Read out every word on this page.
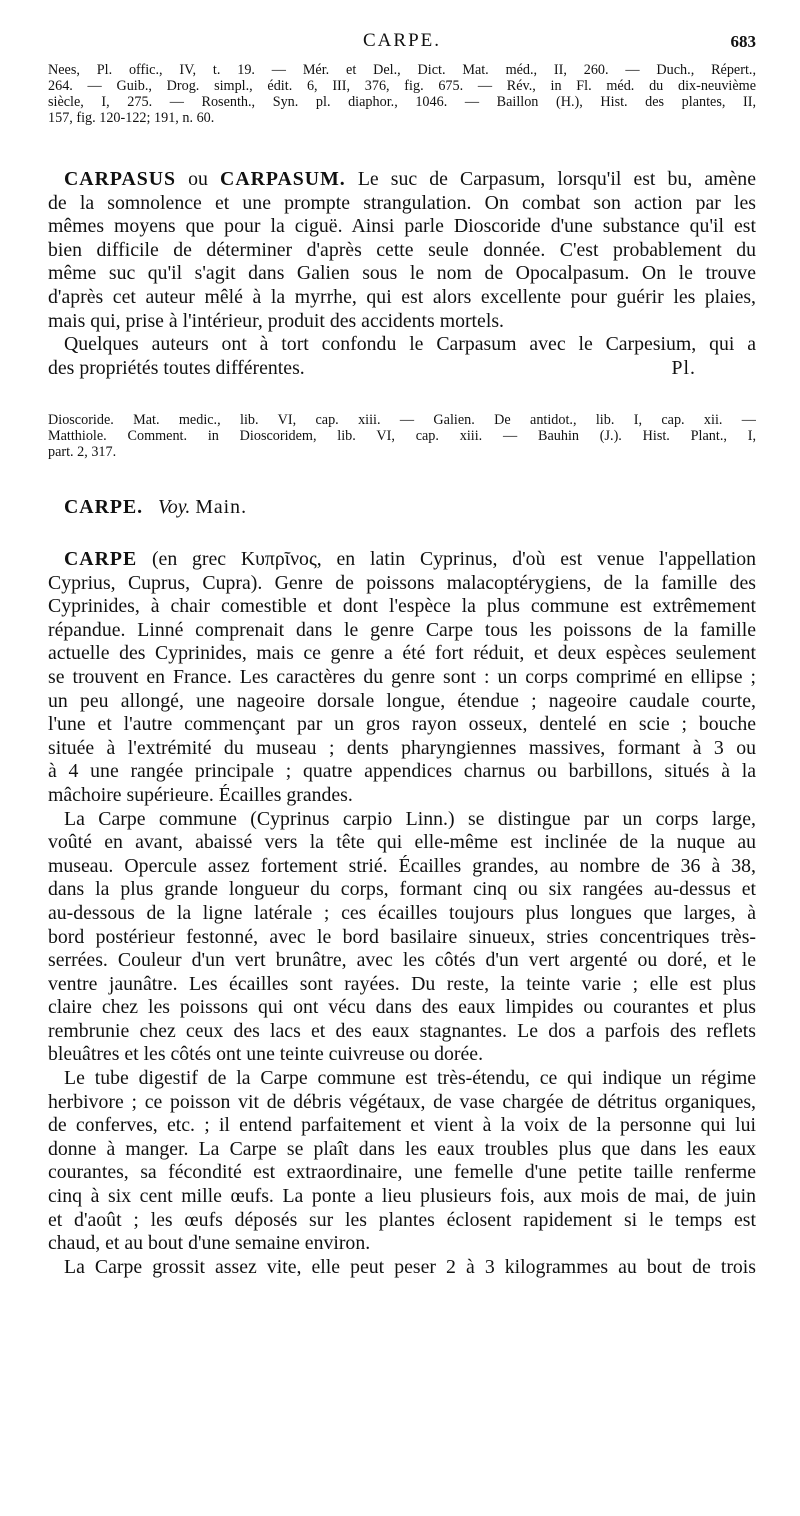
CARPE.	683
Nees, Pl. offic., IV, t. 19. — Mér. et Del., Dict. Mat. méd., II, 260. — Duch., Répert.,
264. — Guib., Drog. simpl., édit. 6, III, 376, fig. 675. — Rév., in Fl. méd. du dix-neuvième
siècle, I, 275. — Rosenth., Syn. pl. diaphor., 1046. — Baillon (H.), Hist. des plantes, II,
157, fig. 120-122; 191, n. 60.
CARPASUS ou CARPASUM. Le suc de Carpasum, lorsqu'il est bu, amène
de la somnolence et une prompte strangulation. On combat son action par les
mêmes moyens que pour la ciguë. Ainsi parle Dioscoride d'une substance qu'il est
bien difficile de déterminer d'après cette seule donnée. C'est probablement du
même suc qu'il s'agit dans Galien sous le nom de Opocalpasum. On le trouve
d'après cet auteur mêlé à la myrrhe, qui est alors excellente pour guérir les plaies,
mais qui, prise à l'intérieur, produit des accidents mortels.
Quelques auteurs ont à tort confondu le Carpasum avec le Carpesium, qui a
des propriétés toutes différentes.	Pl.
Dioscoride. Mat. medic., lib. VI, cap. xiii. — Galien. De antidot., lib. I, cap. xii. —
Matthiole. Comment. in Dioscoridem, lib. VI, cap. xiii. — Bauhin (J.). Hist. Plant., I,
part. 2, 317.
CARPE. Voy. Main.
CARPE (en grec Κυπρῖνος, en latin Cyprinus, d'où est venue l'appellation
Cyprius, Cuprus, Cupra). Genre de poissons malacoptérygiens, de la famille des
Cyprinides, à chair comestible et dont l'espèce la plus commune est extrêmement
répandue. Linné comprenait dans le genre Carpe tous les poissons de la famille
actuelle des Cyprinides, mais ce genre a été fort réduit, et deux espèces seulement
se trouvent en France. Les caractères du genre sont : un corps comprimé en ellipse ;
un peu allongé, une nageoire dorsale longue, étendue ; nageoire caudale courte,
l'une et l'autre commençant par un gros rayon osseux, dentelé en scie ; bouche
située à l'extrémité du museau ; dents pharyngiennes massives, formant à 3 ou
à 4 une rangée principale ; quatre appendices charnus ou barbillons, situés à la
mâchoire supérieure. Écailles grandes.
La Carpe commune (Cyprinus carpio Linn.) se distingue par un corps large,
voûté en avant, abaissé vers la tête qui elle-même est inclinée de la nuque au
museau. Opercule assez fortement strié. Écailles grandes, au nombre de 36 à 38,
dans la plus grande longueur du corps, formant cinq ou six rangées au-dessus et
au-dessous de la ligne latérale ; ces écailles toujours plus longues que larges, à
bord postérieur festonné, avec le bord basilaire sinueux, stries concentriques très-
serrées. Couleur d'un vert brunâtre, avec les côtés d'un vert argenté ou doré, et le
ventre jaunâtre. Les écailles sont rayées. Du reste, la teinte varie ; elle est plus
claire chez les poissons qui ont vécu dans des eaux limpides ou courantes et plus
rembrunie chez ceux des lacs et des eaux stagnantes. Le dos a parfois des reflets
bleuâtres et les côtés ont une teinte cuivreuse ou dorée.
Le tube digestif de la Carpe commune est très-étendu, ce qui indique un régime
herbivore ; ce poisson vit de débris végétaux, de vase chargée de détritus organiques,
de conferves, etc. ; il entend parfaitement et vient à la voix de la personne qui lui
donne à manger. La Carpe se plaît dans les eaux troubles plus que dans les eaux
courantes, sa fécondité est extraordinaire, une femelle d'une petite taille renferme
cinq à six cent mille œufs. La ponte a lieu plusieurs fois, aux mois de mai, de juin
et d'août ; les œufs déposés sur les plantes éclosent rapidement si le temps est
chaud, et au bout d'une semaine environ.
La Carpe grossit assez vite, elle peut peser 2 à 3 kilogrammes au bout de trois
